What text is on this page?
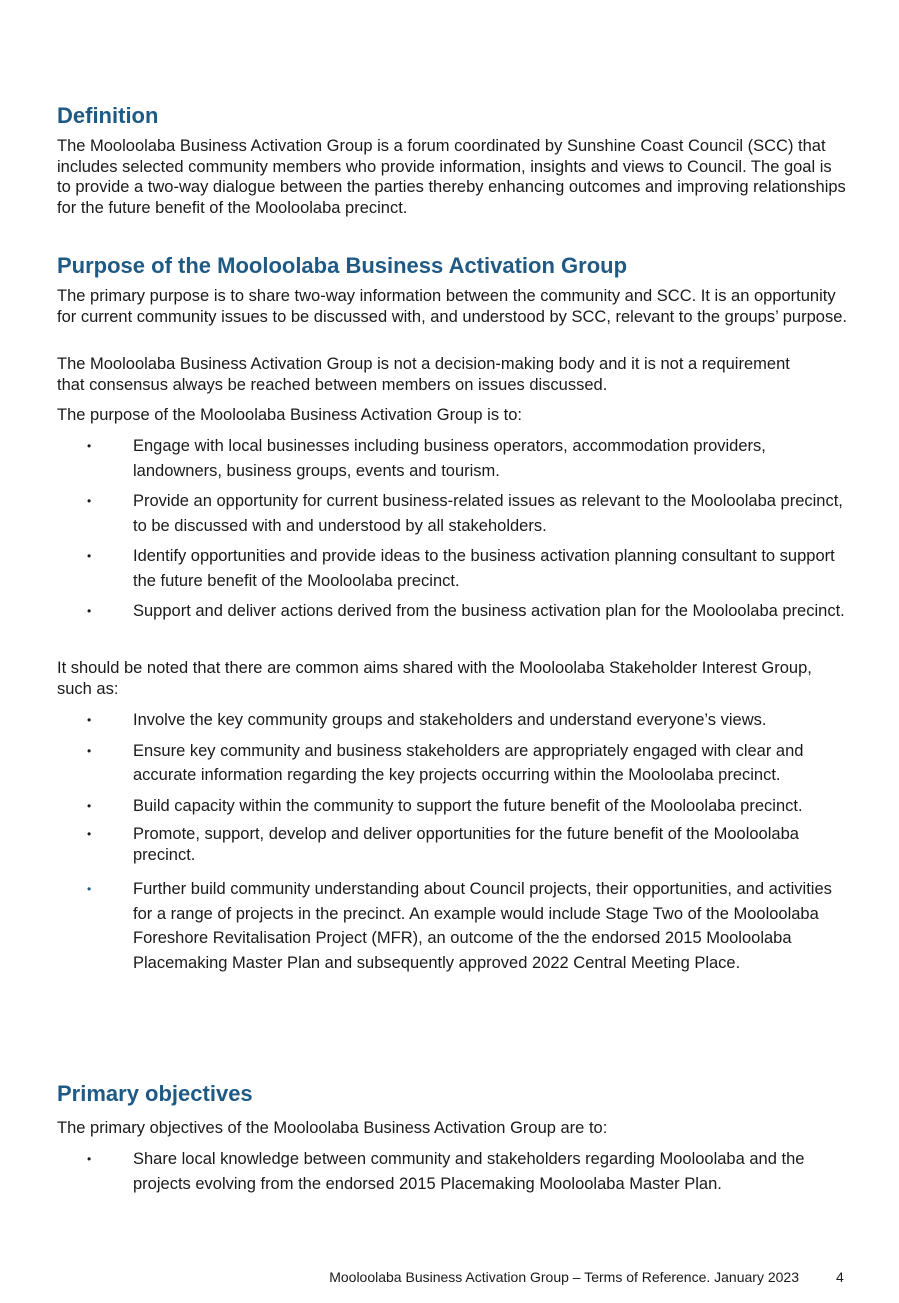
Definition

The Mooloolaba Business Activation Group is a forum coordinated by Sunshine Coast Council (SCC) that includes selected community members who provide information, insights and views to Council. The goal is to provide a two-way dialogue between the parties thereby enhancing outcomes and improving relationships for the future benefit of the Mooloolaba precinct.

Purpose of the Mooloolaba Business Activation Group

The primary purpose is to share two-way information between the community and SCC. It is an opportunity for current community issues to be discussed with, and understood by SCC, relevant to the groups’ purpose.

The Mooloolaba Business Activation Group is not a decision-making body and it is not a requirement that consensus always be reached between members on issues discussed.

The purpose of the Mooloolaba Business Activation Group is to:

•	Engage with local businesses including business operators, accommodation providers, landowners, business groups, events and tourism.
•	Provide an opportunity for current business-related issues as relevant to the Mooloolaba precinct, to be discussed with and understood by all stakeholders.
•	Identify opportunities and provide ideas to the business activation planning consultant to support the future benefit of the Mooloolaba precinct.
•	Support and deliver actions derived from the business activation plan for the Mooloolaba precinct.

It should be noted that there are common aims shared with the Mooloolaba Stakeholder Interest Group, such as:

•	Involve the key community groups and stakeholders and understand everyone’s views.
•	Ensure key community and business stakeholders are appropriately engaged with clear and accurate information regarding the key projects occurring within the Mooloolaba precinct.
•	Build capacity within the community to support the future benefit of the Mooloolaba precinct.
•	Promote, support, develop and deliver opportunities for the future benefit of the Mooloolaba precinct.
•	Further build community understanding about Council projects, their opportunities, and activities for a range of projects in the precinct. An example would include Stage Two of the Mooloolaba Foreshore Revitalisation Project (MFR), an outcome of the the endorsed 2015 Mooloolaba Placemaking Master Plan and subsequently approved 2022 Central Meeting Place.
Primary objectives

The primary objectives of the Mooloolaba Business Activation Group are to:

•	Share local knowledge between community and stakeholders regarding Mooloolaba and the projects evolving from the endorsed 2015 Placemaking Mooloolaba Master Plan.
Mooloolaba Business Activation Group – Terms of Reference. January 2023	4
